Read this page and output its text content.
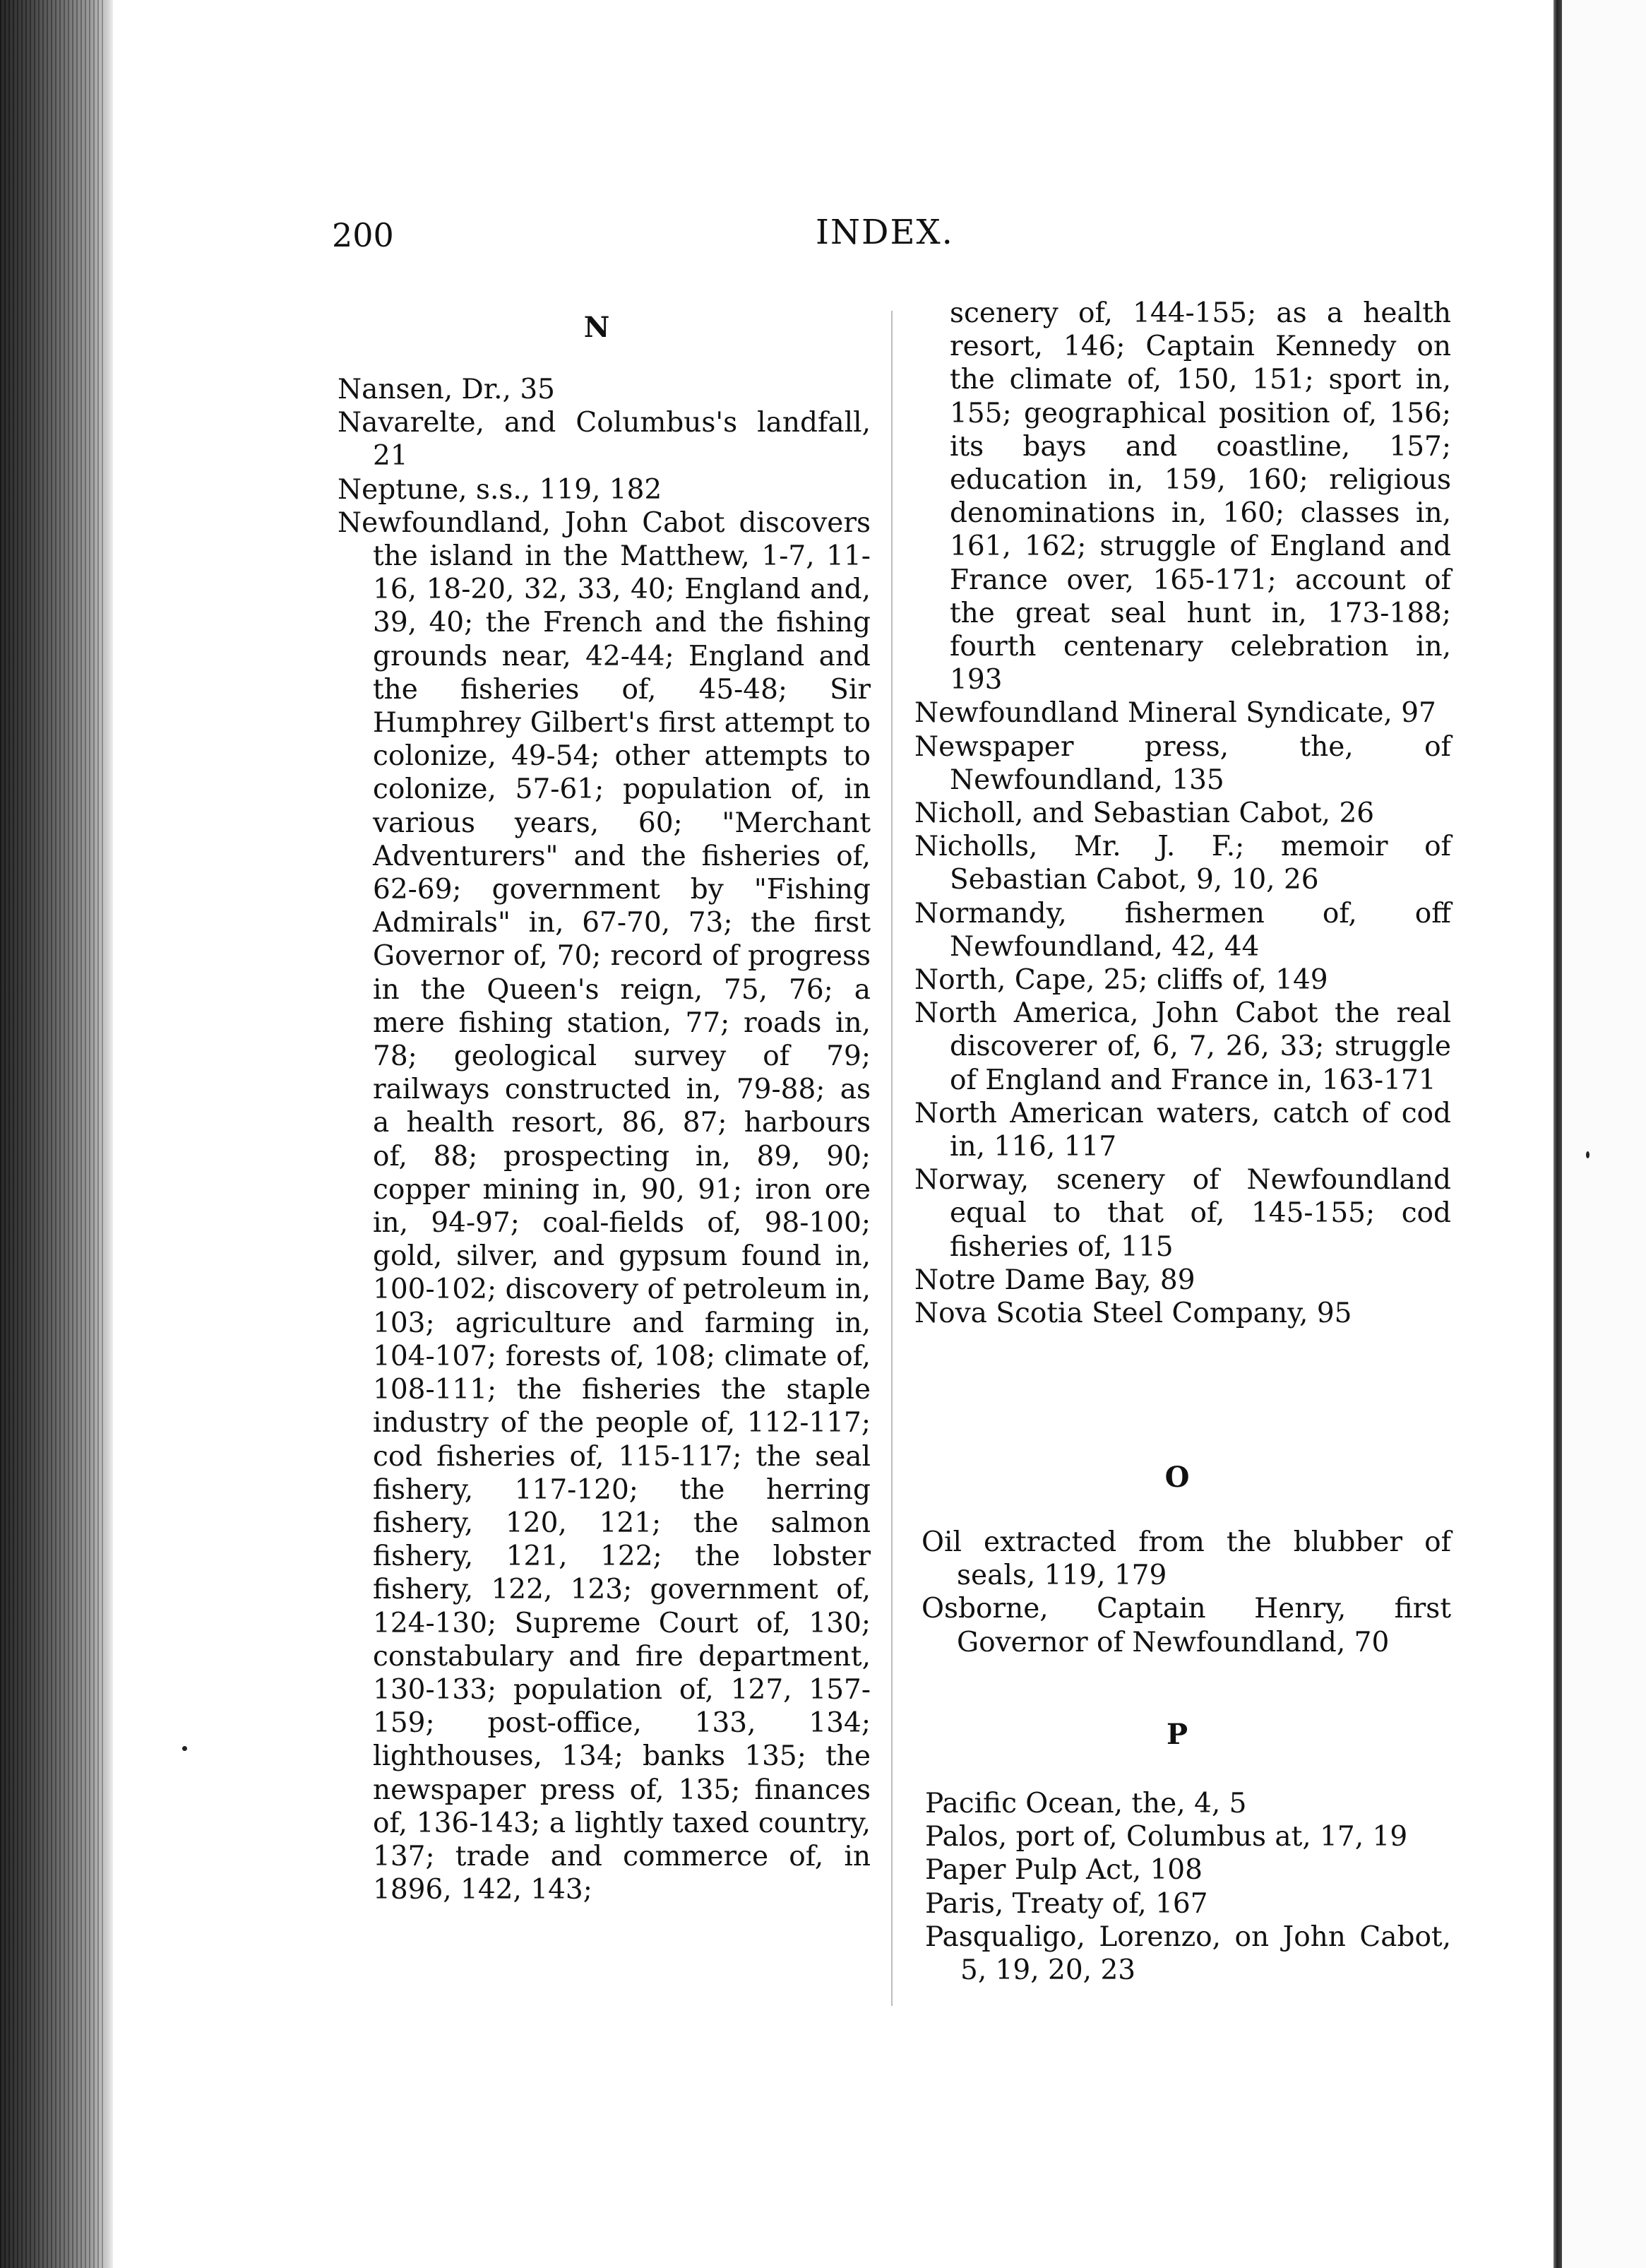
200	INDEX.
N

Nansen, Dr., 35

Navarelte, and Columbus's landfall, 21

Neptune, s.s., 119, 182

Newfoundland, John Cabot discovers the island in the Matthew, 1-7, 11-16, 18-20, 32, 33, 40; England and, 39, 40; the French and the fishing grounds near, 42-44; England and the fisheries of, 45-48; Sir Humphrey Gilbert's first attempt to colonize, 49-54; other attempts to colonize, 57-61; population of, in various years, 60; "Merchant Adventurers" and the fisheries of, 62-69; government by "Fishing Admirals" in, 67-70, 73; the first Governor of, 70; record of progress in the Queen's reign, 75, 76; a mere fishing station, 77; roads in, 78; geological survey of 79; railways constructed in, 79-88; as a health resort, 86, 87; harbours of, 88; prospecting in, 89, 90; copper mining in, 90, 91; iron ore in, 94-97; coal-fields of, 98-100; gold, silver, and gypsum found in, 100-102; discovery of petroleum in, 103; agriculture and farming in, 104-107; forests of, 108; climate of, 108-111; the fisheries the staple industry of the people of, 112-117; cod fisheries of, 115-117; the seal fishery, 117-120; the herring fishery, 120, 121; the salmon fishery, 121, 122; the lobster fishery, 122, 123; government of, 124-130; Supreme Court of, 130; constabulary and fire department, 130-133; population of, 127, 157-159; post-office, 133, 134; lighthouses, 134; banks 135; the newspaper press of, 135; finances of, 136-143; a lightly taxed country, 137; trade and commerce of, in 1896, 142, 143;

scenery of, 144-155; as a health resort, 146; Captain Kennedy on the climate of, 150, 151; sport in, 155; geographical position of, 156; its bays and coastline, 157; education in, 159, 160; religious denominations in, 160; classes in, 161, 162; struggle of England and France over, 165-171; account of the great seal hunt in, 173-188; fourth centenary celebration in, 193

Newfoundland Mineral Syndicate, 97

Newspaper press, the, of Newfoundland, 135

Nicholl, and Sebastian Cabot, 26

Nicholls, Mr. J. F.; memoir of Sebastian Cabot, 9, 10, 26

Normandy, fishermen of, off Newfoundland, 42, 44

North, Cape, 25; cliffs of, 149

North America, John Cabot the real discoverer of, 6, 7, 26, 33; struggle of England and France in, 163-171

North American waters, catch of cod in, 116, 117

Norway, scenery of Newfoundland equal to that of, 145-155; cod fisheries of, 115

Notre Dame Bay, 89

Nova Scotia Steel Company, 95

O

Oil extracted from the blubber of seals, 119, 179

Osborne, Captain Henry, first Governor of Newfoundland, 70

P

Pacific Ocean, the, 4, 5

Palos, port of, Columbus at, 17, 19

Paper Pulp Act, 108

Paris, Treaty of, 167

Pasqualigo, Lorenzo, on John Cabot, 5, 19, 20, 23
